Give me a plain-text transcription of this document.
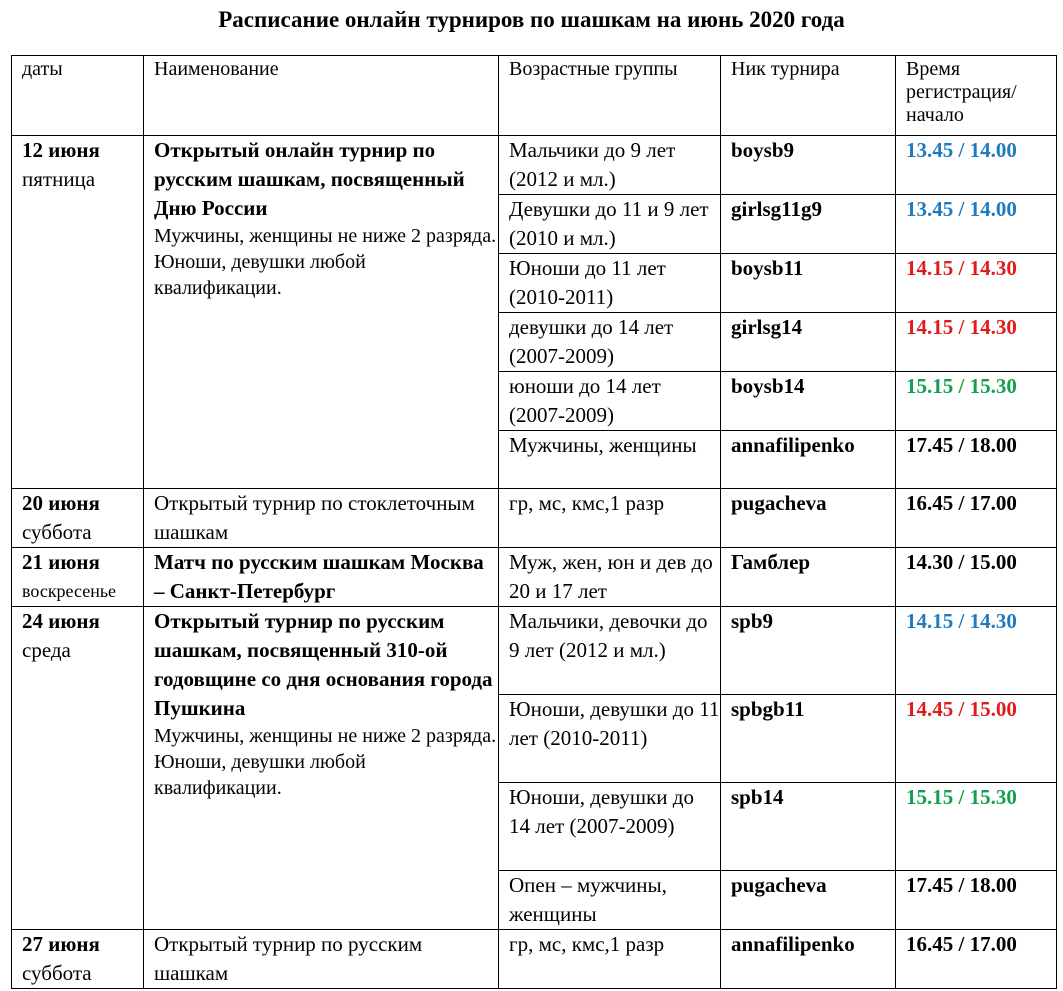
Расписание онлайн турниров по шашкам на июнь 2020 года
даты	Наименование	Возрастные группы	Ник турнира	Время регистрация/ начало

12 июня
пятница	Открытый онлайн турнир по русским шашкам, посвященный Дню России
Мужчины, женщины не ниже 2 разряда.
Юноши, девушки любой квалификации.	Мальчики до 9 лет (2012 и мл.)	boysb9	13.45 / 14.00
		Девушки до 11 и 9 лет (2010 и мл.)	girlsg11g9	13.45 / 14.00
		Юноши до 11 лет (2010-2011)	boysb11	14.15 / 14.30
		девушки до 14 лет (2007-2009)	girlsg14	14.15 / 14.30
		юноши до 14 лет (2007-2009)	boysb14	15.15 / 15.30
		Мужчины, женщины	annafilipenko	17.45 / 18.00

20 июня
суббота	Открытый турнир по стоклеточным шашкам	гр, мс, кмс,1 разр	pugacheva	16.45 / 17.00

21 июня
воскресенье	Матч по русским шашкам Москва – Санкт-Петербург	Муж, жен, юн и дев до 20 и 17 лет	Гамблер	14.30 / 15.00

24 июня
среда	Открытый турнир по русским шашкам, посвященный 310-ой годовщине со дня основания города Пушкина
Мужчины, женщины не ниже 2 разряда.
Юноши, девушки любой квалификации.	Мальчики, девочки до 9 лет (2012 и мл.)	spb9	14.15 / 14.30
		Юноши, девушки до 11 лет (2010-2011)	spbgb11	14.45 / 15.00
		Юноши, девушки до 14 лет (2007-2009)	spb14	15.15 / 15.30
		Опен – мужчины, женщины	pugacheva	17.45 / 18.00

27 июня
суббота	Открытый турнир по русским шашкам	гр, мс, кмс,1 разр	annafilipenko	16.45 / 17.00
